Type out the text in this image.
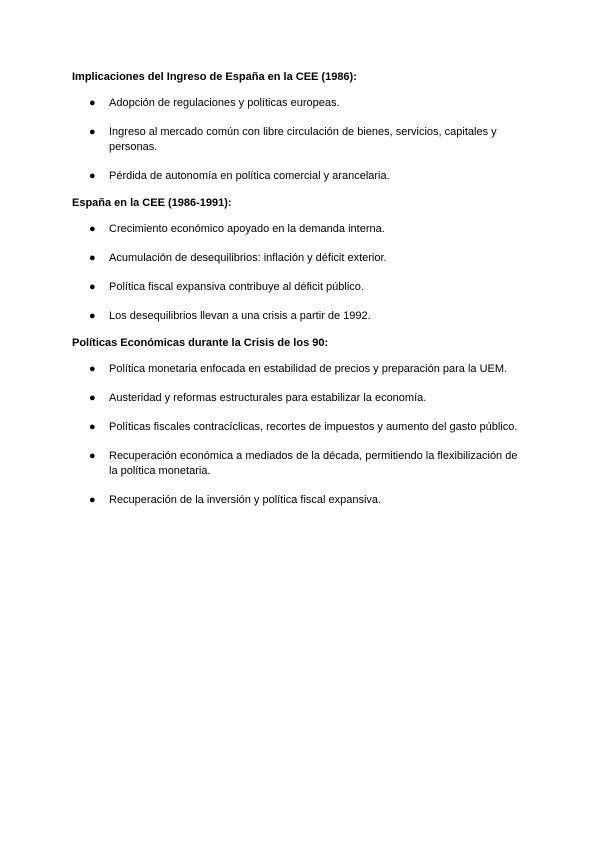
Implicaciones del Ingreso de España en la CEE (1986):

● Adopción de regulaciones y políticas europeas.
● Ingreso al mercado común con libre circulación de bienes, servicios, capitales y personas.
● Pérdida de autonomía en política comercial y arancelaria.

España en la CEE (1986-1991):

● Crecimiento económico apoyado en la demanda interna.
● Acumulación de desequilibrios: inflación y déficit exterior.
● Política fiscal expansiva contribuye al déficit público.
● Los desequilibrios llevan a una crisis a partir de 1992.

Políticas Económicas durante la Crisis de los 90:

● Política monetaria enfocada en estabilidad de precios y preparación para la UEM.
● Austeridad y reformas estructurales para estabilizar la economía.
● Políticas fiscales contracíclicas, recortes de impuestos y aumento del gasto público.
● Recuperación económica a mediados de la década, permitiendo la flexibilización de la política monetaria.
● Recuperación de la inversión y política fiscal expansiva.
